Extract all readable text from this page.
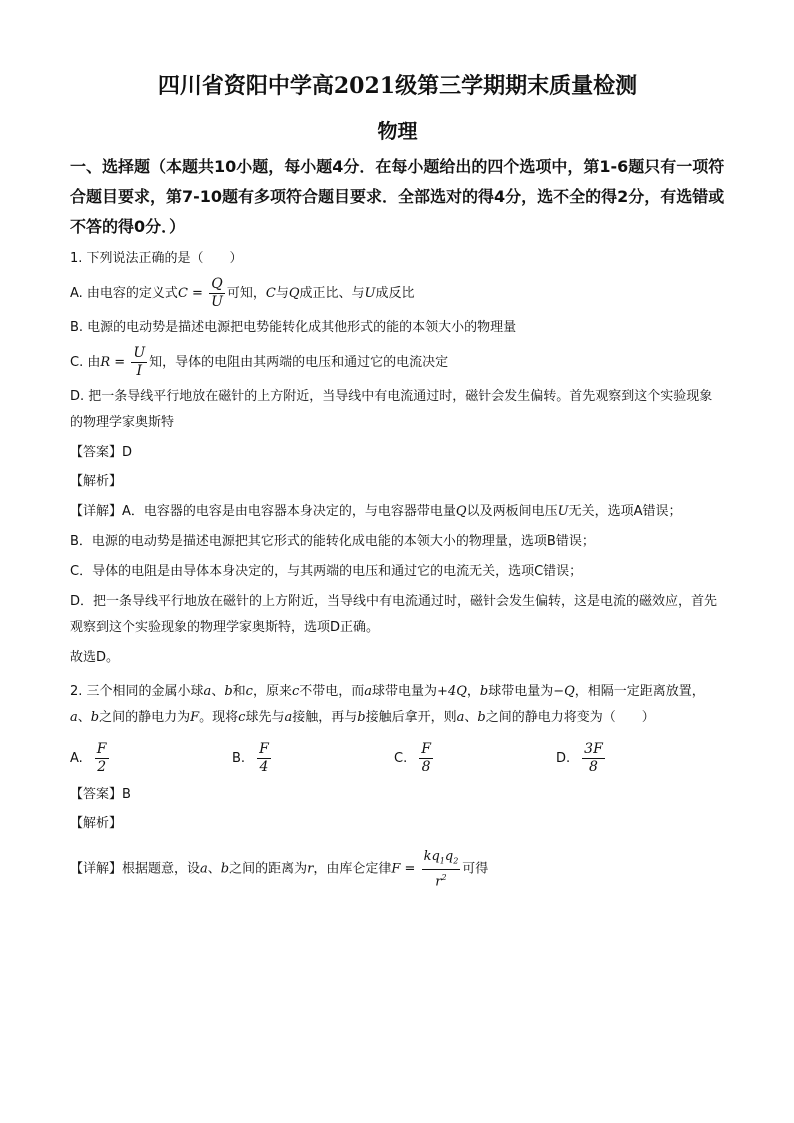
四川省资阳中学高2021级第三学期期末质量检测
物理
一、选择题（本题共10小题，每小题4分．在每小题给出的四个选项中，第1-6题只有一项符合题目要求，第7-10题有多项符合题目要求．全部选对的得4分，选不全的得2分，有选错或不答的得0分．）
1. 下列说法正确的是（　　）
A. 由电容的定义式$C = \frac{Q}{U}$ 可知，C与Q成正比、与U成反比
B. 电源的电动势是描述电源把电势能转化成其他形式的能的本领大小的物理量
C. 由$R = \frac{U}{I}$ 知，导体的电阻由其两端的电压和通过它的电流决定
D. 把一条导线平行地放在磁针的上方附近，当导线中有电流通过时，磁针会发生偏转。首先观察到这个实验现象的物理学家奥斯特
【答案】D
【解析】
【详解】A．电容器的电容是由电容器本身决定的，与电容器带电量Q以及两板间电压U无关，选项A错误；
B．电源的电动势是描述电源把其它形式的能转化成电能的本领大小的物理量，选项B错误；
C．导体的电阻是由导体本身决定的，与其两端的电压和通过它的电流无关，选项C错误；
D．把一条导线平行地放在磁针的上方附近，当导线中有电流通过时，磁针会发生偏转，这是电流的磁效应，首先观察到这个实验现象的物理学家奥斯特，选项D正确。
故选D。
2. 三个相同的金属小球a、b和c，原来c不带电，而a球带电量为+4Q，b球带电量为−Q，相隔一定距离放置，a、b之间的静电力为F。现将c球先与a接触，再与b接触后拿开，则a、b之间的静电力将变为（　　）
A. $\frac{F}{2}$	B. $\frac{F}{4}$	C. $\frac{F}{8}$	D. $\frac{3F}{8}$
【答案】B
【解析】
【详解】根据题意，设a、b之间的距离为r，由库仑定律$F = \frac{kq_1q_2}{r^2}$ 可得
